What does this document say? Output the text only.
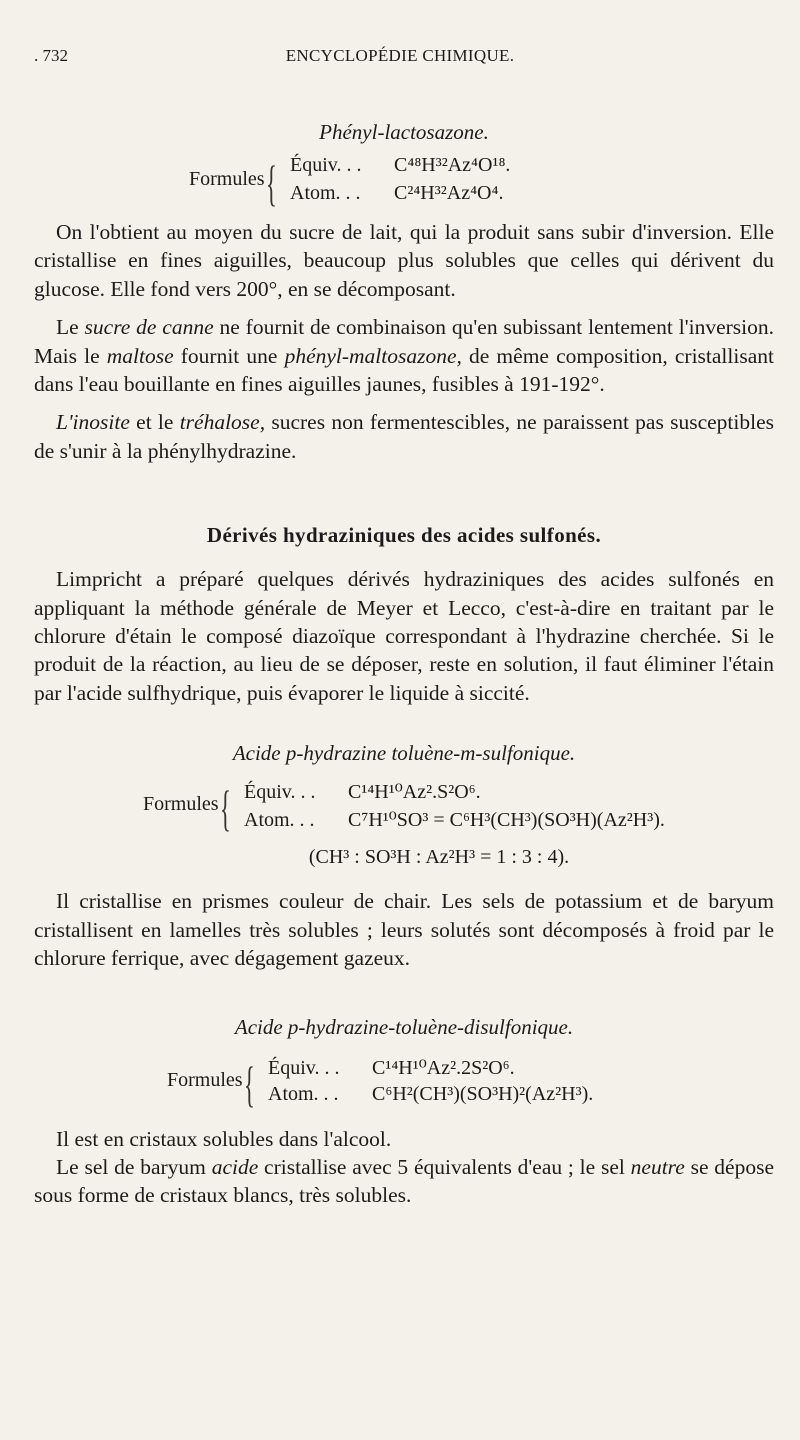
. 732	ENCYCLOPÉDIE CHIMIQUE.

Phényl-lactosazone.

Formules { Équiv. . . C⁴⁸H³²Az⁴O¹⁸.
Atom. . . C²⁴H³²Az⁴O⁴.

On l'obtient au moyen du sucre de lait, qui la produit sans subir d'inversion. Elle cristallise en fines aiguilles, beaucoup plus solubles que celles qui dérivent du glucose. Elle fond vers 200°, en se décomposant.

Le sucre de canne ne fournit de combinaison qu'en subissant lentement l'inversion. Mais le maltose fournit une phényl-maltosazone, de même composition, cristallisant dans l'eau bouillante en fines aiguilles jaunes, fusibles à 191-192°.

L'inosite et le tréhalose, sucres non fermentescibles, ne paraissent pas susceptibles de s'unir à la phénylhydrazine.

Dérivés hydraziniques des acides sulfonés.

Limpricht a préparé quelques dérivés hydraziniques des acides sulfonés en appliquant la méthode générale de Meyer et Lecco, c'est-à-dire en traitant par le chlorure d'étain le composé diazoïque correspondant à l'hydrazine cherchée. Si le produit de la réaction, au lieu de se déposer, reste en solution, il faut éliminer l'étain par l'acide sulfhydrique, puis évaporer le liquide à siccité.

Acide p-hydrazine toluène-m-sulfonique.

Formules { Équiv. . . C¹⁴H¹⁰Az².S²O⁶.
Atom. . . C⁷H¹⁰SO³ = C⁶H³(CH³)(SO³H)(Az²H³).

(CH³ : SO³H : Az²H³ = 1 : 3 : 4).

Il cristallise en prismes couleur de chair. Les sels de potassium et de baryum cristallisent en lamelles très solubles ; leurs solutés sont décomposés à froid par le chlorure ferrique, avec dégagement gazeux.

Acide p-hydrazine-toluène-disulfonique.

Formules { Équiv. . . C¹⁴H¹⁰Az².2S²O⁶.
Atom. . . C⁶H²(CH³)(SO³H)²(Az²H³).

Il est en cristaux solubles dans l'alcool.

Le sel de baryum acide cristallise avec 5 équivalents d'eau ; le sel neutre se dépose sous forme de cristaux blancs, très solubles.
